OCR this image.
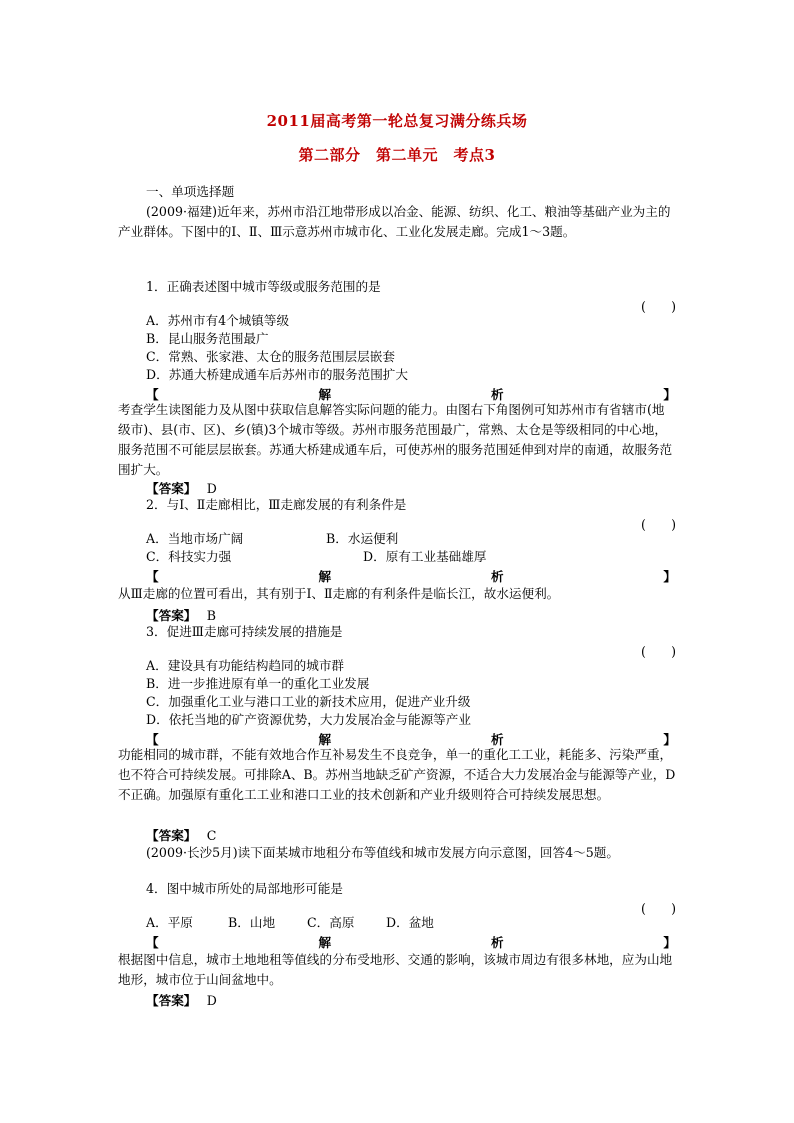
2011届高考第一轮总复习满分练兵场
第二部分　第二单元　考点3
一、单项选择题
(2009·福建)近年来，苏州市沿江地带形成以冶金、能源、纺织、化工、粮油等基础产业为主的产业群体。下图中的Ⅰ、Ⅱ、Ⅲ示意苏州市城市化、工业化发展走廊。完成1～3题。
1．正确表述图中城市等级或服务范围的是
(　　)
A．苏州市有4个城镇等级
B．昆山服务范围最广
C．常熟、张家港、太仓的服务范围层层嵌套
D．苏通大桥建成通车后苏州市的服务范围扩大
【	解	析	】
考查学生读图能力及从图中获取信息解答实际问题的能力。由图右下角图例可知苏州市有省辖市(地级市)、县(市、区)、乡(镇)3个城市等级。苏州市服务范围最广，常熟、太仓是等级相同的中心地，服务范围不可能层层嵌套。苏通大桥建成通车后，可使苏州的服务范围延伸到对岸的南通，故服务范围扩大。
【答案】　 D
2．与Ⅰ、Ⅱ走廊相比，Ⅲ走廊发展的有利条件是
(　　)
A．当地市场广阔	B．水运便利
C．科技实力强	D．原有工业基础雄厚
【	解	析	】
从Ⅲ走廊的位置可看出，其有别于Ⅰ、Ⅱ走廊的有利条件是临长江，故水运便利。
【答案】　 B
3．促进Ⅲ走廊可持续发展的措施是
(　　)
A．建设具有功能结构趋同的城市群
B．进一步推进原有单一的重化工业发展
C．加强重化工业与港口工业的新技术应用，促进产业升级
D．依托当地的矿产资源优势，大力发展冶金与能源等产业
【	解	析	】
功能相同的城市群，不能有效地合作互补易发生不良竞争，单一的重化工工业，耗能多、污染严重，也不符合可持续发展。可排除A、B。苏州当地缺乏矿产资源，不适合大力发展冶金与能源等产业，D不正确。加强原有重化工工业和港口工业的技术创新和产业升级则符合可持续发展思想。
【答案】　 C
(2009·长沙5月)读下面某城市地租分布等值线和城市发展方向示意图，回答4～5题。
4．图中城市所处的局部地形可能是
(　　)
A．平原	B．山地	C．高原	D．盆地
【	解	析	】
根据图中信息，城市土地地租等值线的分布受地形、交通的影响，该城市周边有很多林地，应为山地地形，城市位于山间盆地中。
【答案】　 D
